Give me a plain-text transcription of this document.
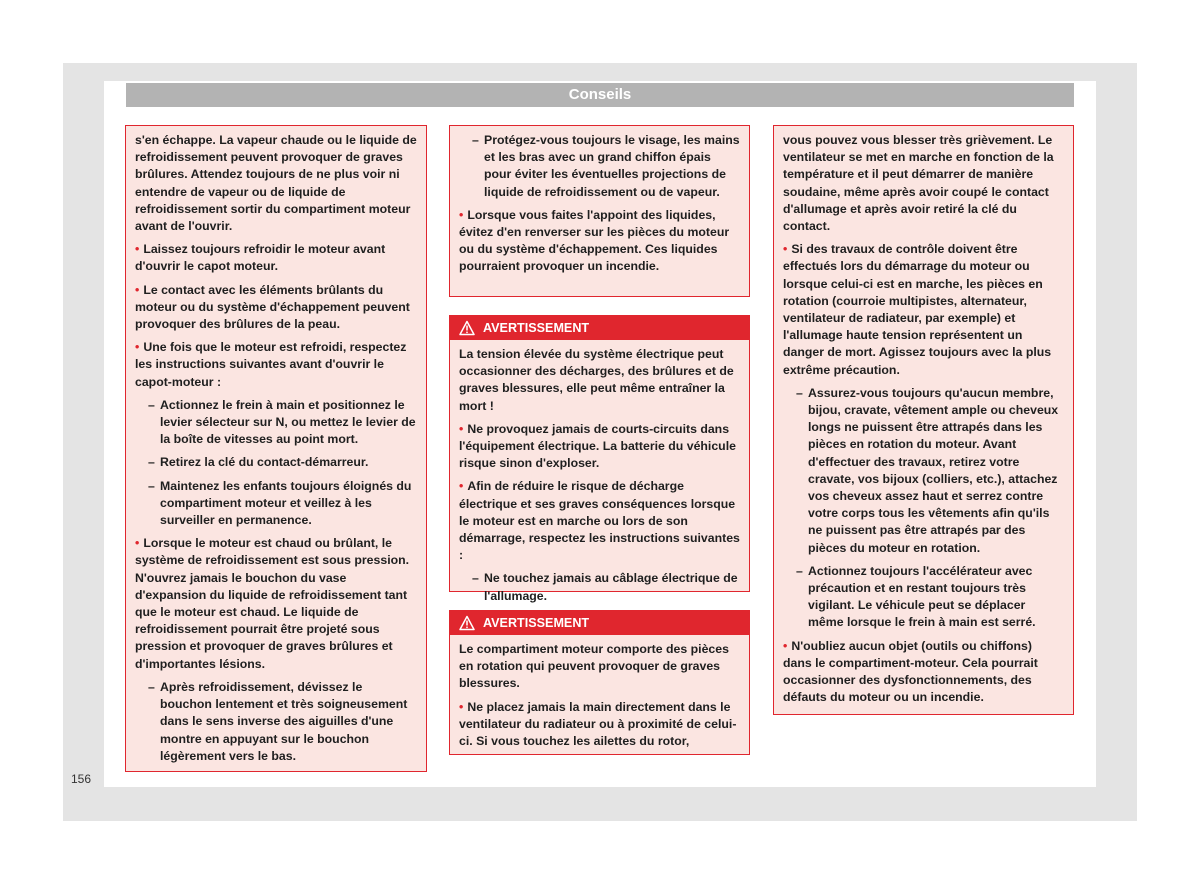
Conseils

s'en échappe. La vapeur chaude ou le liquide de refroidissement peuvent provoquer de graves brûlures. Attendez toujours de ne plus voir ni entendre de vapeur ou de liquide de refroidissement sortir du compartiment moteur avant de l'ouvrir.

• Laissez toujours refroidir le moteur avant d'ouvrir le capot moteur.

• Le contact avec les éléments brûlants du moteur ou du système d'échappement peuvent provoquer des brûlures de la peau.

• Une fois que le moteur est refroidi, respectez les instructions suivantes avant d'ouvrir le capot-moteur :

– Actionnez le frein à main et positionnez le levier sélecteur sur N, ou mettez le levier de la boîte de vitesses au point mort.
– Retirez la clé du contact-démarreur.
– Maintenez les enfants toujours éloignés du compartiment moteur et veillez à les surveiller en permanence.

• Lorsque le moteur est chaud ou brûlant, le système de refroidissement est sous pression. N'ouvrez jamais le bouchon du vase d'expansion du liquide de refroidissement tant que le moteur est chaud. Le liquide de refroidissement pourrait être projeté sous pression et provoquer de graves brûlures et d'importantes lésions.

– Après refroidissement, dévissez le bouchon lentement et très soigneusement dans le sens inverse des aiguilles d'une montre en appuyant sur le bouchon légèrement vers le bas.
– Protégez-vous toujours le visage, les mains et les bras avec un grand chiffon épais pour éviter les éventuelles projections de liquide de refroidissement ou de vapeur.

• Lorsque vous faites l'appoint des liquides, évitez d'en renverser sur les pièces du moteur ou du système d'échappement. Ces liquides pourraient provoquer un incendie.

AVERTISSEMENT

La tension élevée du système électrique peut occasionner des décharges, des brûlures et de graves blessures, elle peut même entraîner la mort !

• Ne provoquez jamais de courts-circuits dans l'équipement électrique. La batterie du véhicule risque sinon d'exploser.

• Afin de réduire le risque de décharge électrique et ses graves conséquences lorsque le moteur est en marche ou lors de son démarrage, respectez les instructions suivantes :

– Ne touchez jamais au câblage électrique de l'allumage.
AVERTISSEMENT

Le compartiment moteur comporte des pièces en rotation qui peuvent provoquer de graves blessures.

• Ne placez jamais la main directement dans le ventilateur du radiateur ou à proximité de celui-ci. Si vous touchez les ailettes du rotor,

vous pouvez vous blesser très grièvement. Le ventilateur se met en marche en fonction de la température et il peut démarrer de manière soudaine, même après avoir coupé le contact d'allumage et après avoir retiré la clé du contact.

• Si des travaux de contrôle doivent être effectués lors du démarrage du moteur ou lorsque celui-ci est en marche, les pièces en rotation (courroie multipistes, alternateur, ventilateur de radiateur, par exemple) et l'allumage haute tension représentent un danger de mort. Agissez toujours avec la plus extrême précaution.

– Assurez-vous toujours qu'aucun membre, bijou, cravate, vêtement ample ou cheveux longs ne puissent être attrapés dans les pièces en rotation du moteur. Avant d'effectuer des travaux, retirez votre cravate, vos bijoux (colliers, etc.), attachez vos cheveux assez haut et serrez contre votre corps tous les vêtements afin qu'ils ne puissent pas être attrapés par des pièces du moteur en rotation.
– Actionnez toujours l'accélérateur avec précaution et en restant toujours très vigilant. Le véhicule peut se déplacer même lorsque le frein à main est serré.

• N'oubliez aucun objet (outils ou chiffons) dans le compartiment-moteur. Cela pourrait occasionner des dysfonctionnements, des défauts du moteur ou un incendie.

156
